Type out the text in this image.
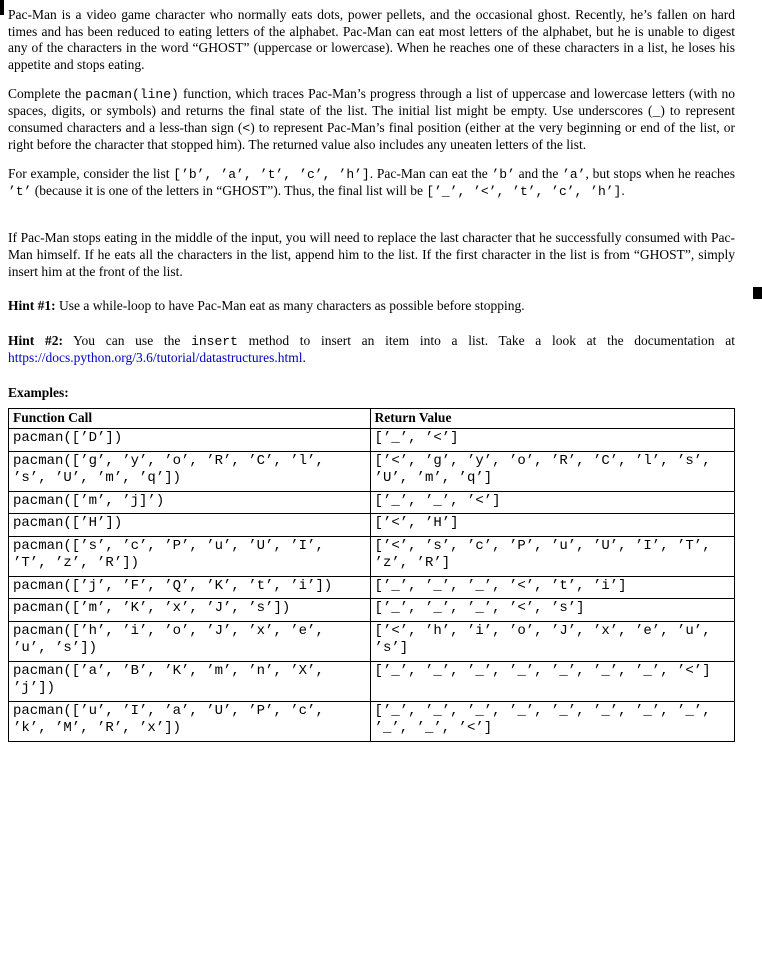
Pac-Man is a video game character who normally eats dots, power pellets, and the occasional ghost. Recently, he’s fallen on hard times and has been reduced to eating letters of the alphabet. Pac-Man can eat most letters of the alphabet, but he is unable to digest any of the characters in the word “GHOST” (uppercase or lowercase). When he reaches one of these characters in a list, he loses his appetite and stops eating.

Complete the pacman(line) function, which traces Pac-Man’s progress through a list of uppercase and lowercase letters (with no spaces, digits, or symbols) and returns the final state of the list. The initial list might be empty. Use underscores (_) to represent consumed characters and a less-than sign (<) to represent Pac-Man’s final position (either at the very beginning or end of the list, or right before the character that stopped him). The returned value also includes any uneaten letters of the list.

For example, consider the list [’b’, ’a’, ’t’, ’c’, ’h’]. Pac-Man can eat the ’b’ and the ’a’, but stops when he reaches ’t’ (because it is one of the letters in “GHOST”). Thus, the final list will be [’_’, ’<’, ’t’, ’c’, ’h’].

If Pac-Man stops eating in the middle of the input, you will need to replace the last character that he successfully consumed with Pac-Man himself. If he eats all the characters in the list, append him to the list. If the first character in the list is from “GHOST”, simply insert him at the front of the list.

Hint #1: Use a while-loop to have Pac-Man eat as many characters as possible before stopping.

Hint #2: You can use the insert method to insert an item into a list. Take a look at the documentation at https://docs.python.org/3.6/tutorial/datastructures.html.

Examples:

Function Call	Return Value
pacman([’D’])	[’_’, ’<’]
pacman([’g’, ’y’, ’o’, ’R’, ’C’, ’l’, ’s’, ’U’, ’m’, ’q’])	[’<’, ’g’, ’y’, ’o’, ’R’, ’C’, ’l’, ’s’, ’U’, ’m’, ’q’]
pacman([’m’, ’j]’)	[’_’, ’_’, ’<’]
pacman([’H’])	[’<’, ’H’]
pacman([’s’, ’c’, ’P’, ’u’, ’U’, ’I’, ’T’, ’z’, ’R’])	[’<’, ’s’, ’c’, ’P’, ’u’, ’U’, ’I’, ’T’, ’z’, ’R’]
pacman([’j’, ’F’, ’Q’, ’K’, ’t’, ’i’])	[’_’, ’_’, ’_’, ’<’, ’t’, ’i’]
pacman([’m’, ’K’, ’x’, ’J’, ’s’])	[’_’, ’_’, ’_’, ’<’, ’s’]
pacman([’h’, ’i’, ’o’, ’J’, ’x’, ’e’, ’u’, ’s’])	[’<’, ’h’, ’i’, ’o’, ’J’, ’x’, ’e’, ’u’, ’s’]
pacman([’a’, ’B’, ’K’, ’m’, ’n’, ’X’, ’j’])	[’_’, ’_’, ’_’, ’_’, ’_’, ’_’, ’_’, ’<’]
pacman([’u’, ’I’, ’a’, ’U’, ’P’, ’c’, ’k’, ’M’, ’R’, ’x’])	[’_’, ’_’, ’_’, ’_’, ’_’, ’_’, ’_’, ’_’, ’_’, ’_’, ’<’]
